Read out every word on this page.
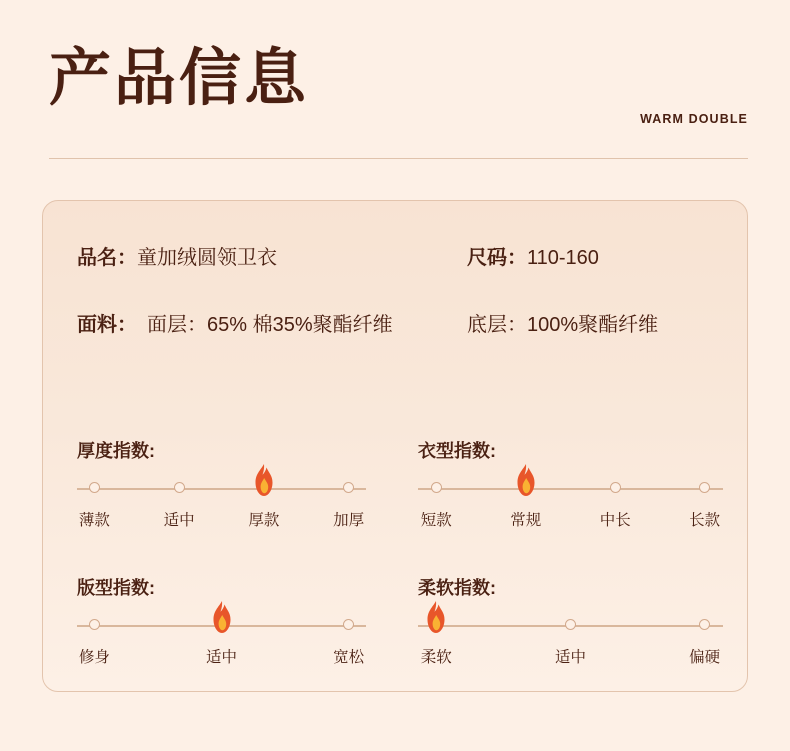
产品信息
WARM DOUBLE
品名： 童加绒圆领卫衣	尺码： 110-160
面料： 面层：65% 棉35%聚酯纤维	底层：100%聚酯纤维
厚度指数:
薄款	适中	厚款	加厚
衣型指数:
短款	常规	中长	长款
版型指数:
修身	适中	宽松
柔软指数:
柔软	适中	偏硬
